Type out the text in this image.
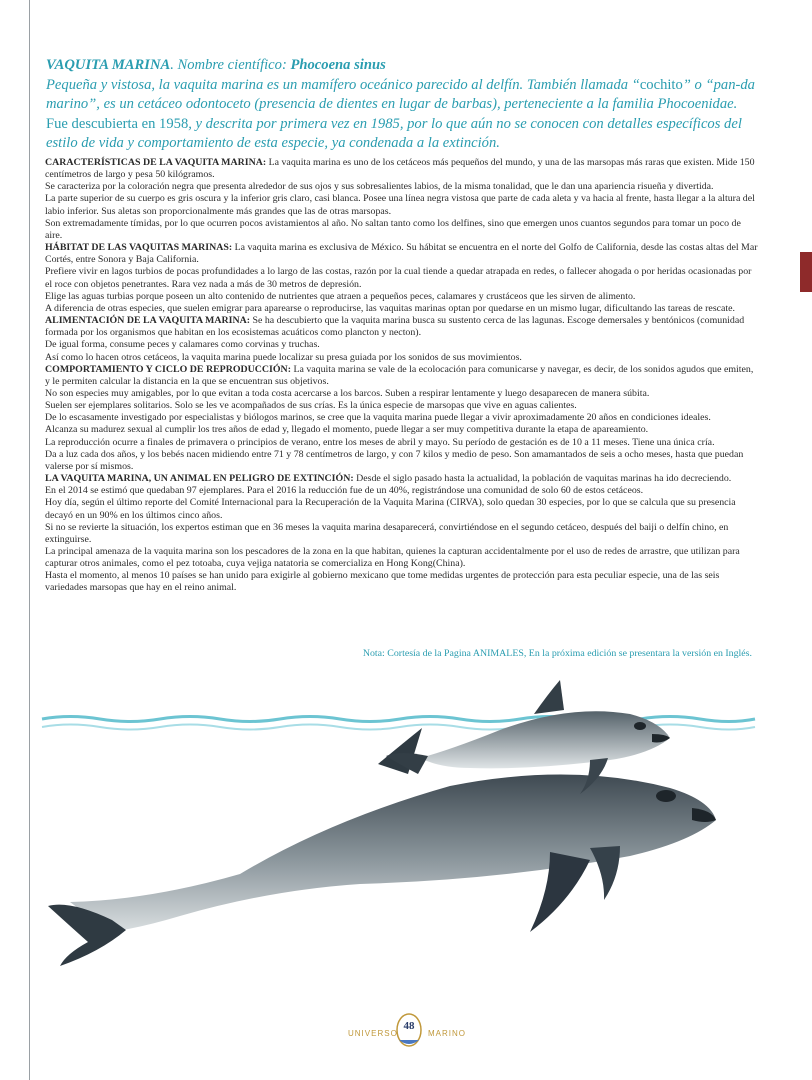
VAQUITA MARINA. Nombre científico: Phocoena sinus
Pequeña y vistosa, la vaquita marina es un mamífero oceánico parecido al delfín. También llamada “cochito” o “pan-da marino”, es un cetáceo odontoceto (presencia de dientes en lugar de barbas), perteneciente a la familia Phocoenidae. Fue descubierta en 1958, y descrita por primera vez en 1985, por lo que aún no se conocen con detalles específicos del estilo de vida y comportamiento de esta especie, ya condenada a la extinción.

CARACTERÍSTICAS DE LA VAQUITA MARINA: La vaquita marina es uno de los cetáceos más pequeños del mundo, y una de las marsopas más raras que existen. Mide 150 centímetros de largo y pesa 50 kilógramos.

Se caracteriza por la coloración negra que presenta alrededor de sus ojos y sus sobresalientes labios, de la misma tonalidad, que le dan una apariencia risueña y divertida.

La parte superior de su cuerpo es gris oscura y la inferior gris claro, casi blanca. Posee una línea negra vistosa que parte de cada aleta y va hacia al frente, hasta llegar a la altura del labio inferior. Sus aletas son proporcionalmente más grandes que las de otras marsopas.

Son extremadamente tímidas, por lo que ocurren pocos avistamientos al año. No saltan tanto como los delfines, sino que emergen unos cuantos segundos para tomar un poco de aire.

HÁBITAT DE LAS VAQUITAS MARINAS: La vaquita marina es exclusiva de México. Su hábitat se encuentra en el norte del Golfo de California, desde las costas altas del Mar Cortés, entre Sonora y Baja California.

Prefiere vivir en lagos turbios de pocas profundidades a lo largo de las costas, razón por la cual tiende a quedar atrapada en redes, o fallecer ahogada o por heridas ocasionadas por el roce con objetos penetrantes. Rara vez nada a más de 30 metros de depresión.

Elige las aguas turbias porque poseen un alto contenido de nutrientes que atraen a pequeños peces, calamares y crustáceos que les sirven de alimento.

A diferencia de otras especies, que suelen emigrar para aparearse o reproducirse, las vaquitas marinas optan por quedarse en un mismo lugar, dificultando las tareas de rescate.

ALIMENTACIÓN DE LA VAQUITA MARINA: Se ha descubierto que la vaquita marina busca su sustento cerca de las lagunas. Escoge demersales y bentónicos (comunidad formada por los organismos que habitan en los ecosistemas acuáticos como plancton y necton).

De igual forma, consume peces y calamares como corvinas y truchas.

Así como lo hacen otros cetáceos, la vaquita marina puede localizar su presa guiada por los sonidos de sus movimientos.

COMPORTAMIENTO Y CICLO DE REPRODUCCIÓN: La vaquita marina se vale de la ecolocación para comunicarse y navegar, es decir, de los sonidos agudos que emiten, y le permiten calcular la distancia en la que se encuentran sus objetivos.

No son especies muy amigables, por lo que evitan a toda costa acercarse a los barcos. Suben a respirar lentamente y luego desaparecen de manera súbita.

Suelen ser ejemplares solitarios. Solo se les ve acompañados de sus crías. Es la única especie de marsopas que vive en aguas calientes.

De lo escasamente investigado por especialistas y biólogos marinos, se cree que la vaquita marina puede llegar a vivir aproximadamente 20 años en condiciones ideales.

Alcanza su madurez sexual al cumplir los tres años de edad y, llegado el momento, puede llegar a ser muy competitiva durante la etapa de apareamiento.

La reproducción ocurre a finales de primavera o principios de verano, entre los meses de abril y mayo. Su período de gestación es de 10 a 11 meses. Tiene una única cría.

Da a luz cada dos años, y los bebés nacen midiendo entre 71 y 78 centímetros de largo, y con 7 kilos y medio de peso. Son amamantados de seis a ocho meses, hasta que puedan valerse por sí mismos.

LA VAQUITA MARINA, UN ANIMAL EN PELIGRO DE EXTINCIÓN: Desde el siglo pasado hasta la actualidad, la población de vaquitas marinas ha ido decreciendo.

En el 2014 se estimó que quedaban 97 ejemplares. Para el 2016 la reducción fue de un 40%, registrándose una comunidad de solo 60 de estos cetáceos.

Hoy día, según el último reporte del Comité Internacional para la Recuperación de la Vaquita Marina (CIRVA), solo quedan 30 especies, por lo que se calcula que su presencia decayó en un 90% en los últimos cinco años.

Si no se revierte la situación, los expertos estiman que en 36 meses la vaquita marina desaparecerá, convirtiéndose en el segundo cetáceo, después del baiji o delfín chino, en extinguirse.

La principal amenaza de la vaquita marina son los pescadores de la zona en la que habitan, quienes la capturan accidentalmente por el uso de redes de arrastre, que utilizan para capturar otros animales, como el pez totoaba, cuya vejiga natatoria se comercializa en Hong Kong(China).

Hasta el momento, al menos 10 países se han unido para exigirle al gobierno mexicano que tome medidas urgentes de protección para esta peculiar especie, una de las seis variedades marsopas que hay en el reino animal.

Nota: Cortesía de la Pagina ANIMALES, En la próxima edición se presentara la versión en Inglés.
UNIVERSO
48
MARINO
